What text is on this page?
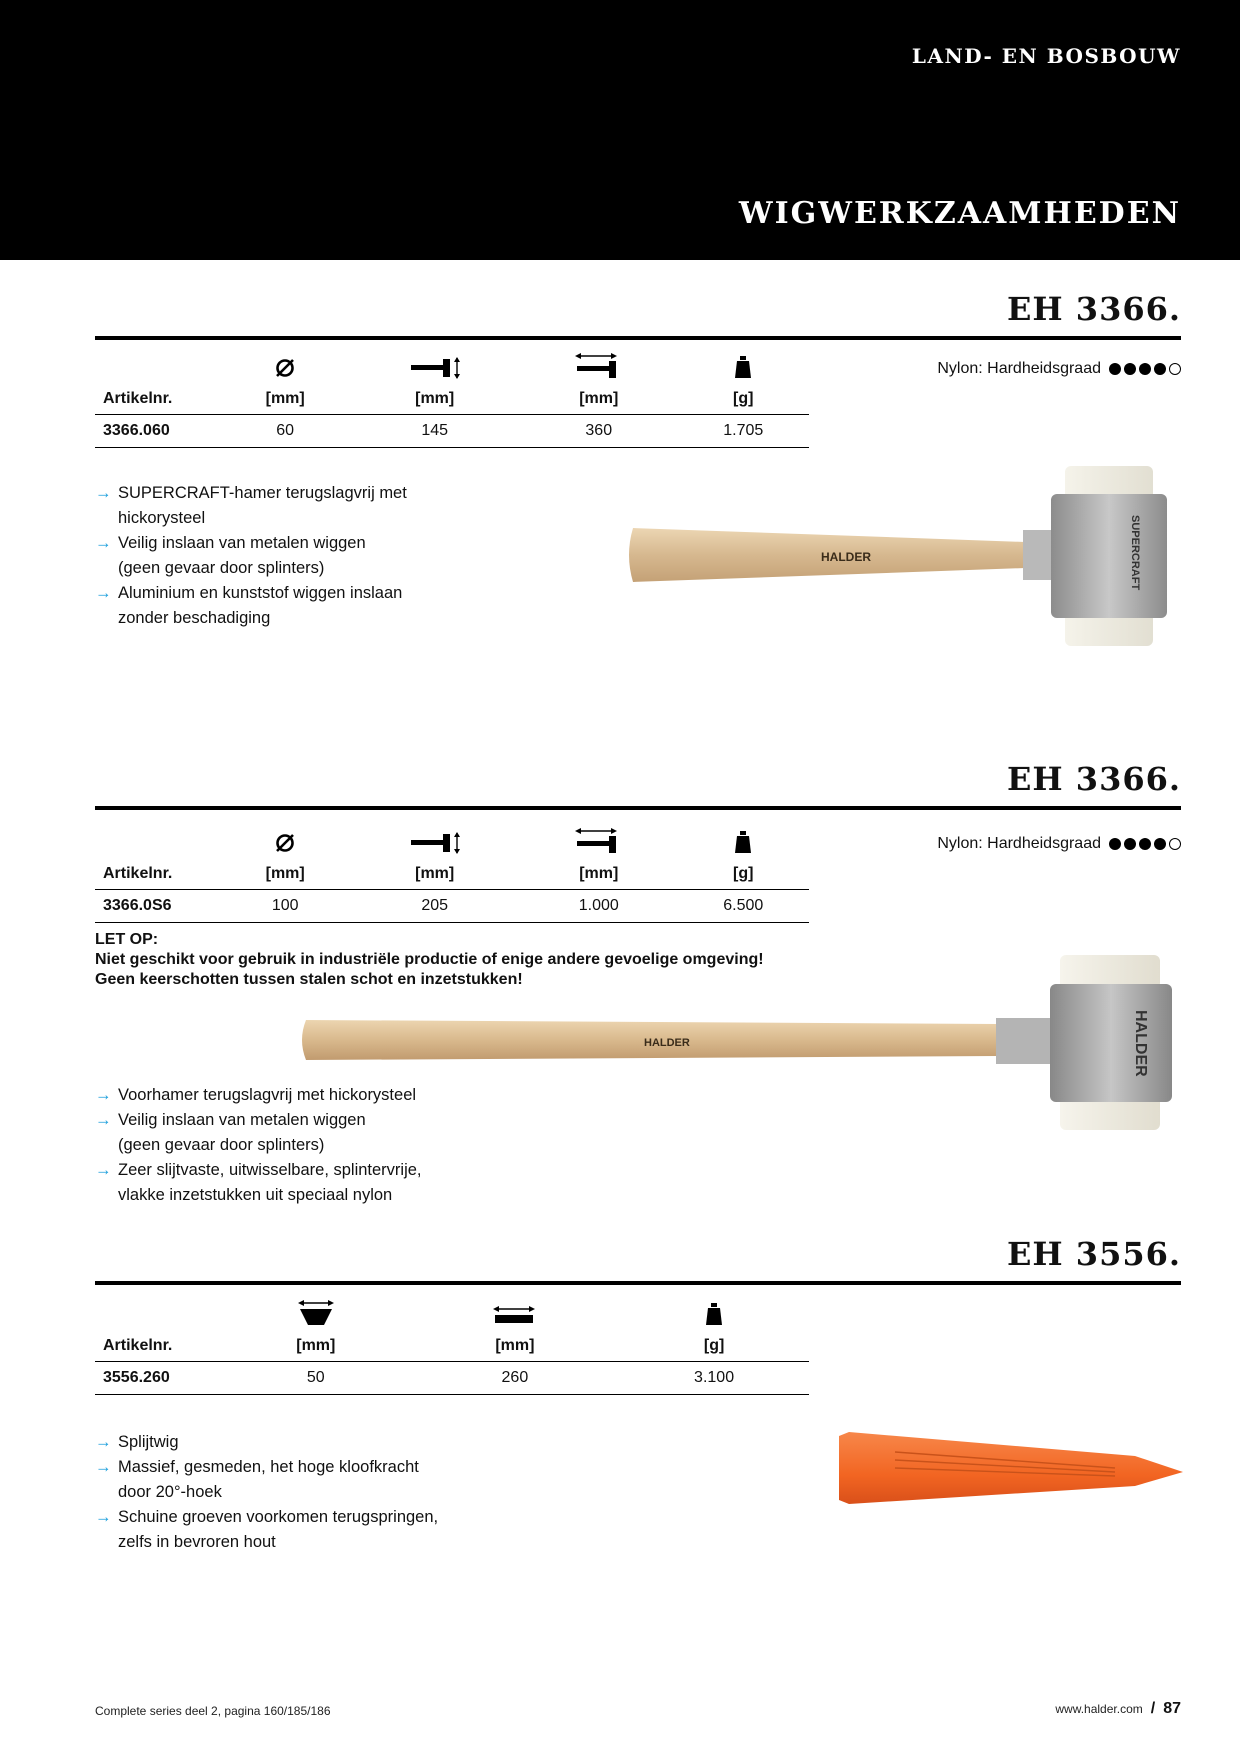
LAND- EN BOSBOUW
WIGWERKZAAMHEDEN
EH 3366.

Artikelnr.	[mm]	[mm]	[mm]	[g]
3366.060	60	145	360	1.705
Nylon: Hardheidsgraad
→ SUPERCRAFT-hamer terugslagvrij met
hickorysteel
→ Veilig inslaan van metalen wiggen
(geen gevaar door splinters)
→ Aluminium en kunststof wiggen inslaan
zonder beschadiging
HALDER	SUPERCRAFT
EH 3366.

Artikelnr.	[mm]	[mm]	[mm]	[g]
3366.0S6	100	205	1.000	6.500
Nylon: Hardheidsgraad
LET OP:
Niet geschikt voor gebruik in industriële productie of enige andere gevoelige omgeving!
Geen keerschotten tussen stalen schot en inzetstukken!
HALDER	HALDER
→ Voorhamer terugslagvrij met hickorysteel
→ Veilig inslaan van metalen wiggen
(geen gevaar door splinters)
→ Zeer slijtvaste, uitwisselbare, splintervrije,
vlakke inzetstukken uit speciaal nylon
EH 3556.

Artikelnr.	[mm]	[mm]	[g]
3556.260	50	260	3.100
→ Splijtwig
→ Massief, gesmeden, het hoge kloofkracht
door 20°-hoek
→ Schuine groeven voorkomen terugspringen,
zelfs in bevroren hout
Complete series deel 2, pagina 160/185/186	www.halder.com / 87
